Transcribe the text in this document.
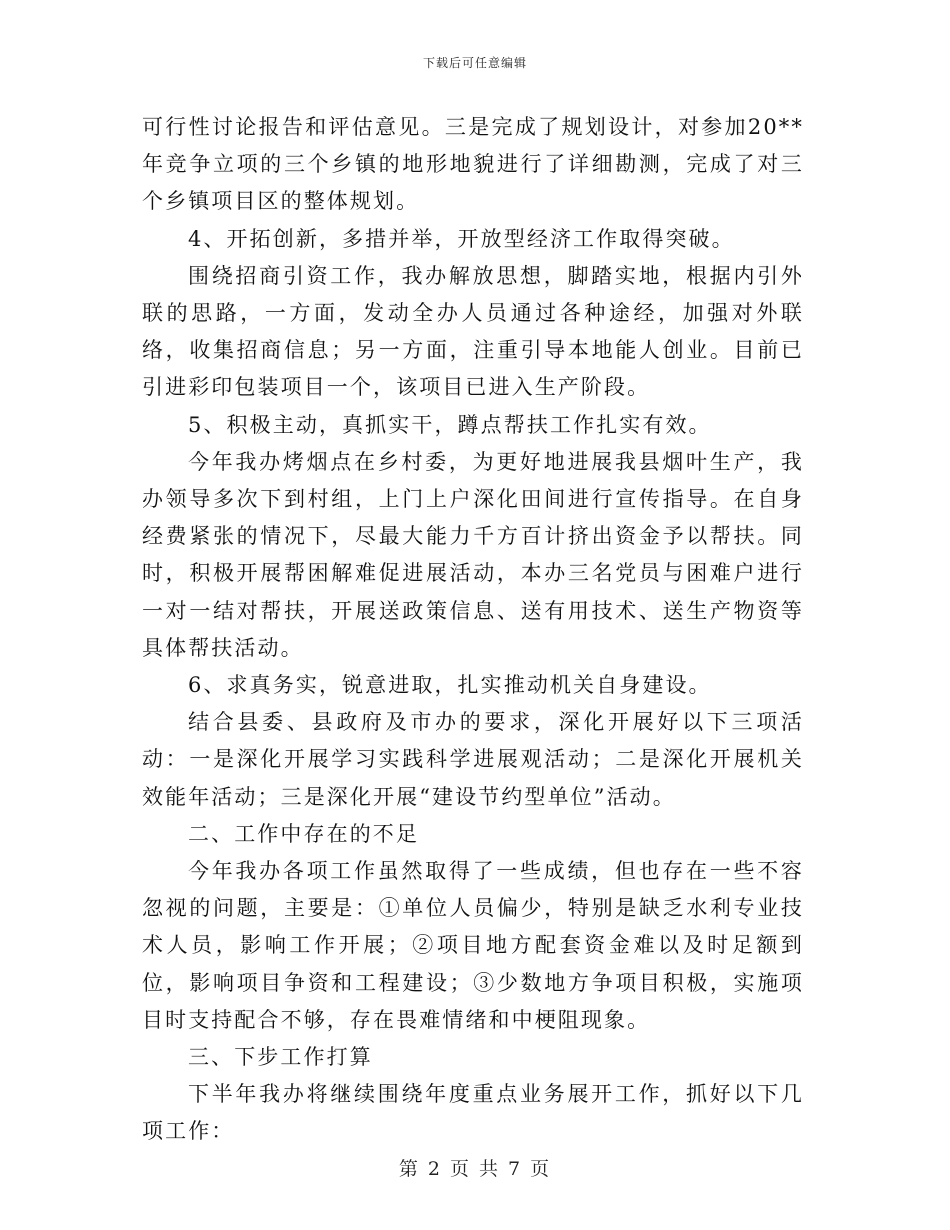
下载后可任意编辑

可行性讨论报告和评估意见。三是完成了规划设计，对参加20**年竞争立项的三个乡镇的地形地貌进行了详细勘测，完成了对三个乡镇项目区的整体规划。

4、开拓创新，多措并举，开放型经济工作取得突破。

围绕招商引资工作，我办解放思想，脚踏实地，根据内引外联的思路，一方面，发动全办人员通过各种途经，加强对外联络，收集招商信息；另一方面，注重引导本地能人创业。目前已引进彩印包装项目一个，该项目已进入生产阶段。

5、积极主动，真抓实干，蹲点帮扶工作扎实有效。

今年我办烤烟点在乡村委，为更好地进展我县烟叶生产，我办领导多次下到村组，上门上户深化田间进行宣传指导。在自身经费紧张的情况下，尽最大能力千方百计挤出资金予以帮扶。同时，积极开展帮困解难促进展活动，本办三名党员与困难户进行一对一结对帮扶，开展送政策信息、送有用技术、送生产物资等具体帮扶活动。

6、求真务实，锐意进取，扎实推动机关自身建设。

结合县委、县政府及市办的要求，深化开展好以下三项活动：一是深化开展学习实践科学进展观活动；二是深化开展机关效能年活动；三是深化开展“建设节约型单位”活动。

二、工作中存在的不足

今年我办各项工作虽然取得了一些成绩，但也存在一些不容忽视的问题，主要是：①单位人员偏少，特别是缺乏水利专业技术人员，影响工作开展；②项目地方配套资金难以及时足额到位，影响项目争资和工程建设；③少数地方争项目积极，实施项目时支持配合不够，存在畏难情绪和中梗阻现象。

三、下步工作打算

下半年我办将继续围绕年度重点业务展开工作，抓好以下几项工作：

第 2 页 共 7 页
